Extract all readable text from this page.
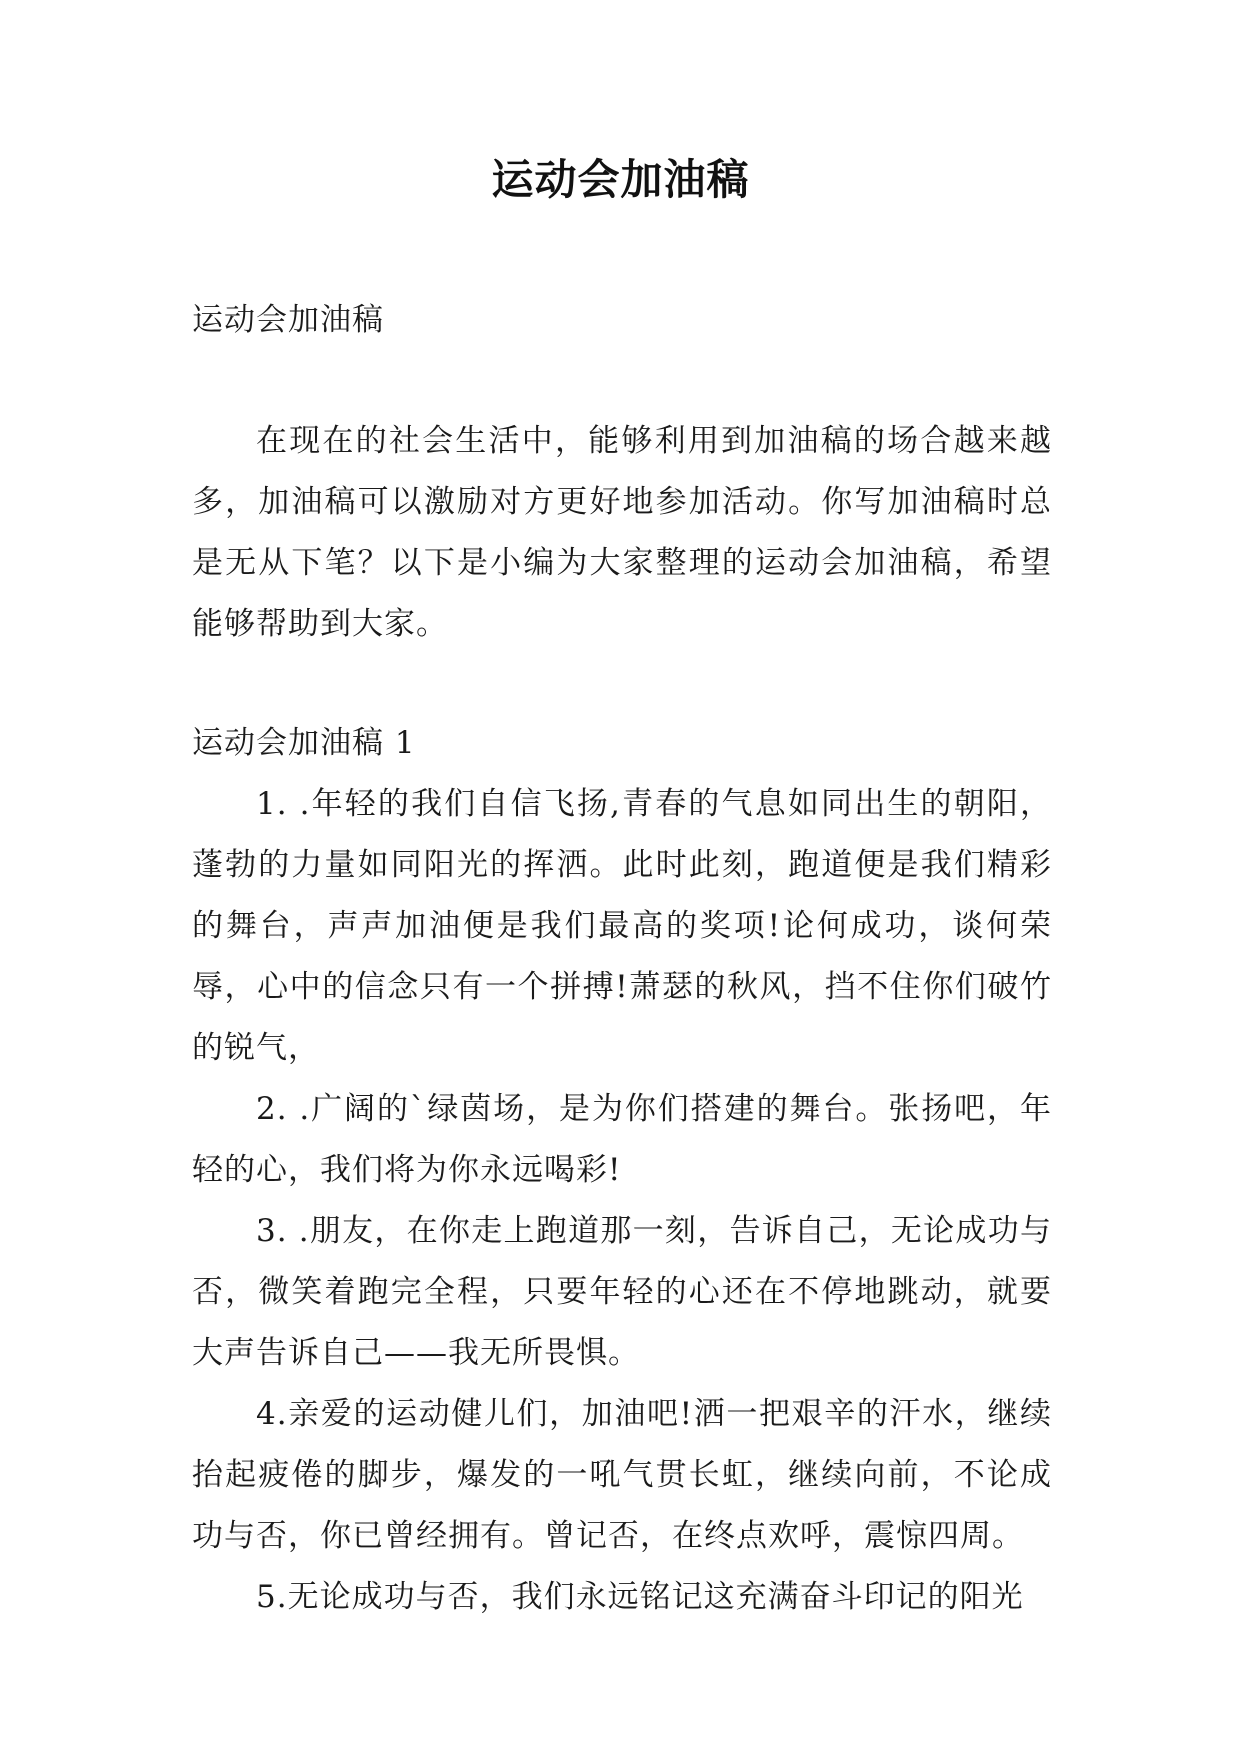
运动会加油稿

运动会加油稿

在现在的社会生活中，能够利用到加油稿的场合越来越多，加油稿可以激励对方更好地参加活动。你写加油稿时总是无从下笔？以下是小编为大家整理的运动会加油稿，希望能够帮助到大家。

运动会加油稿 1

1. .年轻的我们自信飞扬,青春的气息如同出生的朝阳，蓬勃的力量如同阳光的挥洒。此时此刻，跑道便是我们精彩的舞台，声声加油便是我们最高的奖项!论何成功，谈何荣辱，心中的信念只有一个拼搏!萧瑟的秋风，挡不住你们破竹的锐气，

2. .广阔的`绿茵场，是为你们搭建的舞台。张扬吧，年轻的心，我们将为你永远喝彩!

3. .朋友，在你走上跑道那一刻，告诉自己，无论成功与否，微笑着跑完全程，只要年轻的心还在不停地跳动，就要大声告诉自己——我无所畏惧。

4.亲爱的运动健儿们，加油吧!洒一把艰辛的汗水，继续抬起疲倦的脚步，爆发的一吼气贯长虹，继续向前，不论成功与否，你已曾经拥有。曾记否，在终点欢呼，震惊四周。

5.无论成功与否，我们永远铭记这充满奋斗印记的阳光
